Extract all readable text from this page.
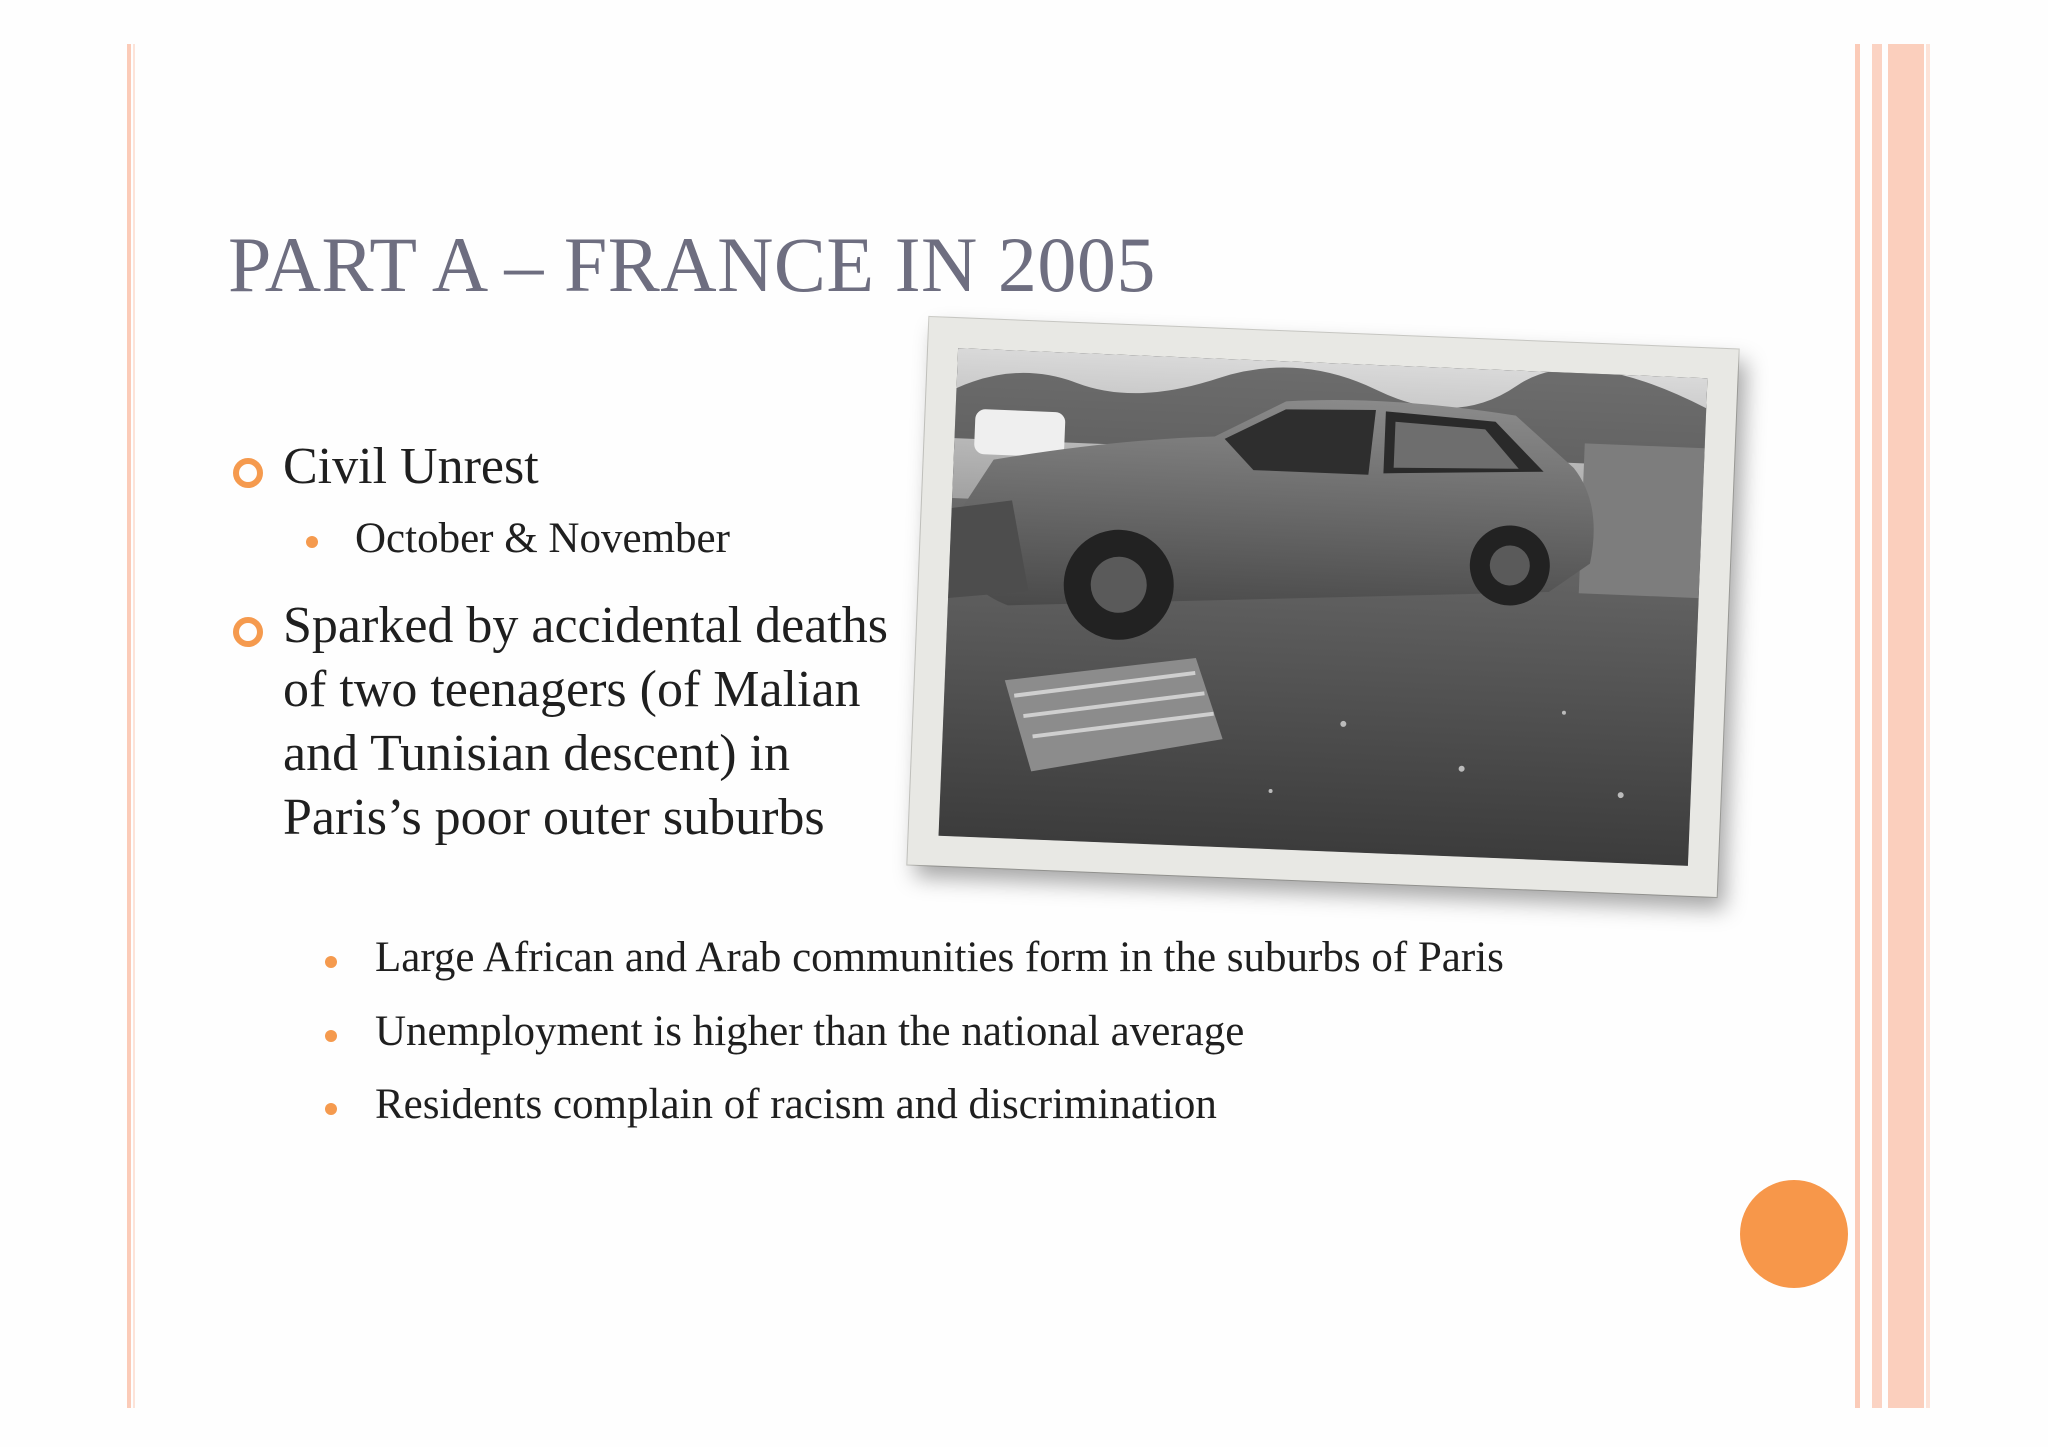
PART A – FRANCE IN 2005
Civil Unrest
October & November
Sparked by accidental deaths of two teenagers (of Malian and Tunisian descent) in Paris’s poor outer suburbs
Large African and Arab communities form in the suburbs of Paris
Unemployment is higher than the national average
Residents complain of racism and discrimination
